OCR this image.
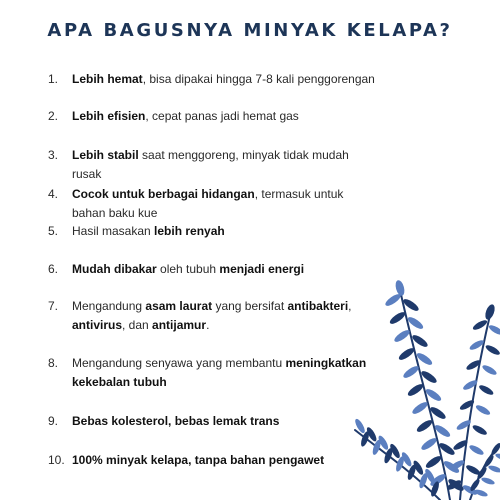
APA BAGUSNYA MINYAK KELAPA?
1.	Lebih hemat, bisa dipakai hingga 7-8 kali penggorengan
2.	Lebih efisien, cepat panas jadi hemat gas
3.	Lebih stabil saat menggoreng, minyak tidak mudah rusak
4.	Cocok untuk berbagai hidangan, termasuk untuk bahan baku kue
5.	Hasil masakan lebih renyah
6.	Mudah dibakar oleh tubuh menjadi energi
7.	Mengandung asam laurat yang bersifat antibakteri, antivirus, dan antijamur.
8.	Mengandung senyawa yang membantu meningkatkan kekebalan tubuh
9.	Bebas kolesterol, bebas lemak trans
10. 100% minyak kelapa, tanpa bahan pengawet
